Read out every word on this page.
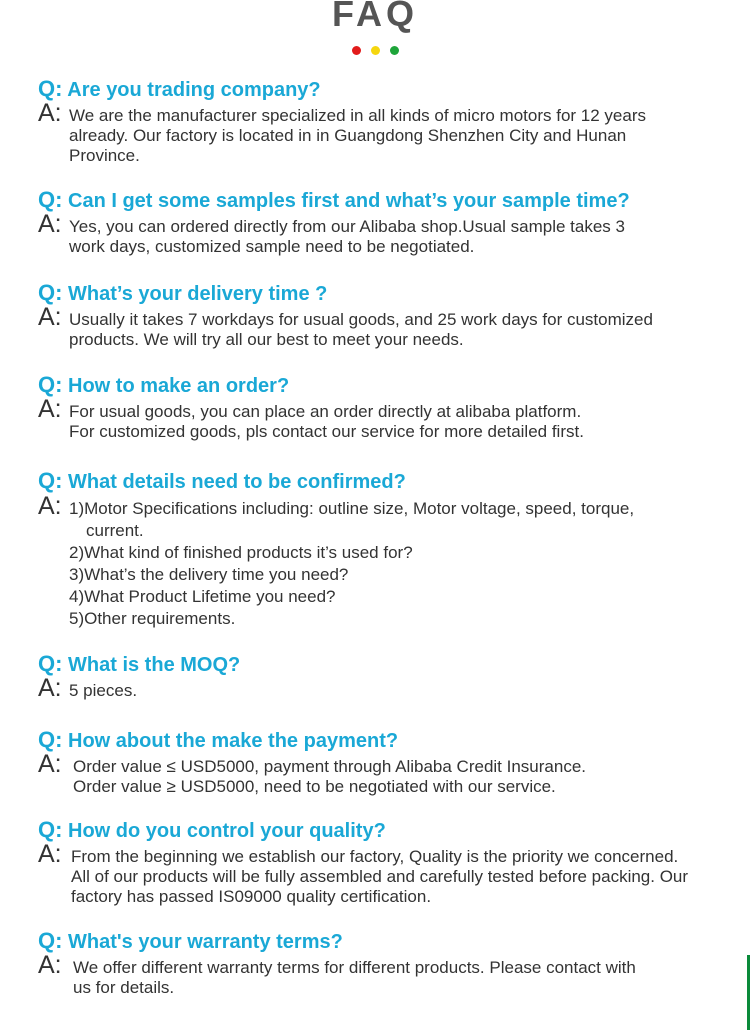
FAQ
Q: Are you trading company?
A: We are the manufacturer specialized in all kinds of micro motors for 12 years
already. Our factory is located in in Guangdong Shenzhen City and Hunan
Province.
Q: Can I get some samples first and what’s your sample time?
A: Yes, you can ordered directly from our Alibaba shop.Usual sample takes 3
work days, customized sample need to be negotiated.
Q: What’s your delivery time ?
A: Usually it takes 7 workdays for usual goods, and 25 work days for customized
products. We will try all our best to meet your needs.
Q: How to make an order?
A: For usual goods, you can place an order directly at alibaba platform.
For customized goods, pls contact our service for more detailed first.
Q: What details need to be confirmed?
A: 1)Motor Specifications including: outline size, Motor voltage, speed, torque,
current.
2)What kind of finished products it’s used for?
3)What’s the delivery time you need?
4)What Product Lifetime you need?
5)Other requirements.
Q: What is the MOQ?
A: 5 pieces.
Q: How about the make the payment?
A: Order value ≤ USD5000, payment through Alibaba Credit Insurance.
Order value ≥ USD5000, need to be negotiated with our service.
Q: How do you control your quality?
A: From the beginning we establish our factory, Quality is the priority we concerned.
All of our products will be fully assembled and carefully tested before packing. Our
factory has passed IS09000 quality certification.
Q: What's your warranty terms?
A: We offer different warranty terms for different products. Please contact with
us for details.
